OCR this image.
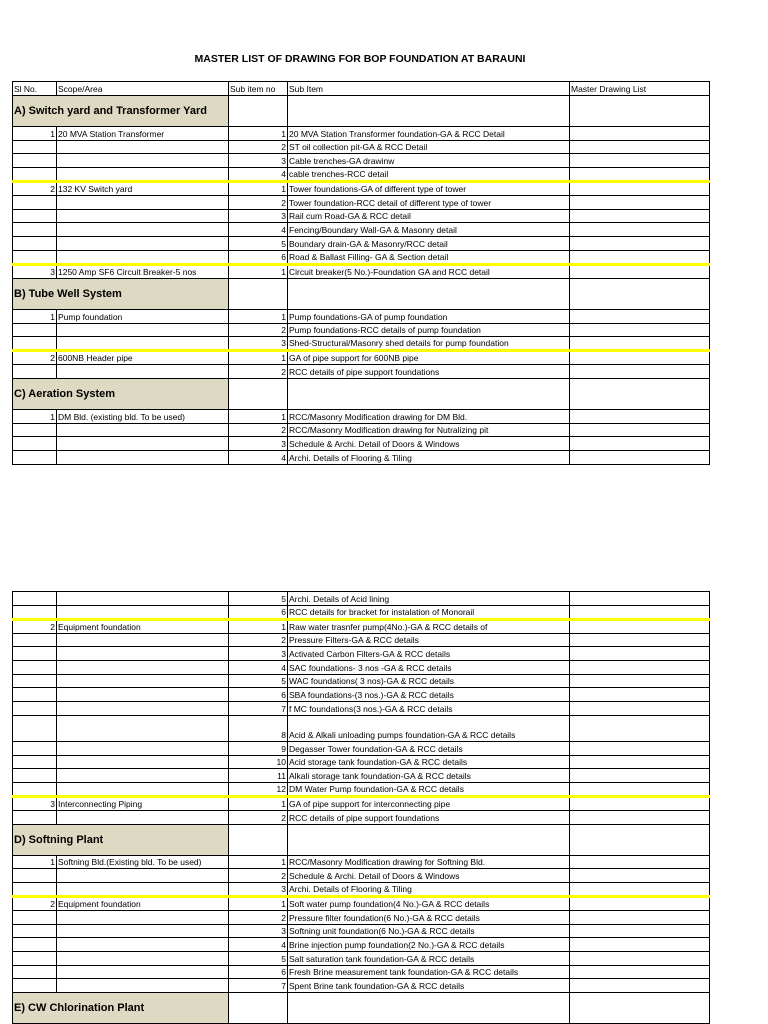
MASTER LIST OF DRAWING FOR BOP FOUNDATION AT BARAUNI
Sl No.	Scope/Area	Sub item no	Sub Item	Master Drawing List
A) Switch yard and Transformer Yard				
1	20 MVA Station Transformer	1	20 MVA Station Transformer foundation-GA & RCC Detail	
		2	ST oil collection pit-GA & RCC Detail	
		3	Cable trenches-GA drawinw	
		4	cable trenches-RCC detail	
2	132 KV Switch yard	1	Tower foundations-GA of different type of tower	
		2	Tower foundation-RCC detail of different type of tower	
		3	Rail cum Road-GA & RCC detail	
		4	Fencing/Boundary Wall-GA & Masonry detail	
		5	Boundary drain-GA & Masonry/RCC detail	
		6	Road & Ballast Filling- GA & Section detail	
3	1250 Amp SF6 Circuit Breaker-5 nos	1	Circuit breaker(5 No.)-Foundation GA and RCC detail	
B) Tube Well System				
1	Pump foundation	1	Pump foundations-GA of pump foundation	
		2	Pump foundations-RCC details of pump foundation	
		3	Shed-Structural/Masonry shed details for pump foundation	
2	600NB Header pipe	1	GA of pipe support for 600NB pipe	
		2	RCC details of pipe support foundations	
C) Aeration System				
1	DM Bld. (existing bld. To be used)	1	RCC/Masonry Modification drawing for DM Bld.	
		2	RCC/Masonry Modification drawing for Nutralizing pit	
		3	Schedule & Archi. Detail of Doors & Windows	
		4	Archi. Details of Flooring & Tiling	
		5	Archi. Details of Acid lining	
		6	RCC details for bracket for instalation of Monorail	
2	Equipment foundation	1	Raw water trasnfer pump(4No.)-GA & RCC details of	
		2	Pressure Filters-GA & RCC details	
		3	Activated Carbon Filters-GA & RCC details	
		4	SAC foundations- 3 nos -GA & RCC details	
		5	WAC foundations( 3 nos)-GA & RCC details	
		6	SBA foundations-(3 nos.)-GA & RCC details	
		7	f MC foundations(3 nos.)-GA & RCC details	
		8	Acid & Alkali unloading pumps foundation-GA & RCC details	
		9	Degasser Tower foundation-GA & RCC details	
		10	Acid storage tank foundation-GA & RCC details	
		11	Alkali storage tank foundation-GA & RCC details	
		12	DM Water Pump foundation-GA & RCC details	
3	Interconnecting Piping	1	GA of pipe support for interconnecting pipe	
		2	RCC details of pipe support foundations	
D) Softning Plant				
1	Softning Bld.(Existing bld. To be used)	1	RCC/Masonry Modification drawing for Softning Bld.	
		2	Schedule & Archi. Detail of Doors & Windows	
		3	Archi. Details of Flooring & Tiling	
2	Equipment foundation	1	Soft water pump foundation(4 No.)-GA & RCC details	
		2	Pressure filter foundation(6 No.)-GA & RCC details	
		3	Softning unit foundation(6 No.)-GA & RCC details	
		4	Brine injection pump foundation(2 No.)-GA & RCC details	
		5	Salt saturation tank foundation-GA & RCC details	
		6	Fresh Brine measurement tank foundation-GA & RCC details	
		7	Spent Brine tank foundation-GA & RCC details	
E) CW Chlorination Plant				
